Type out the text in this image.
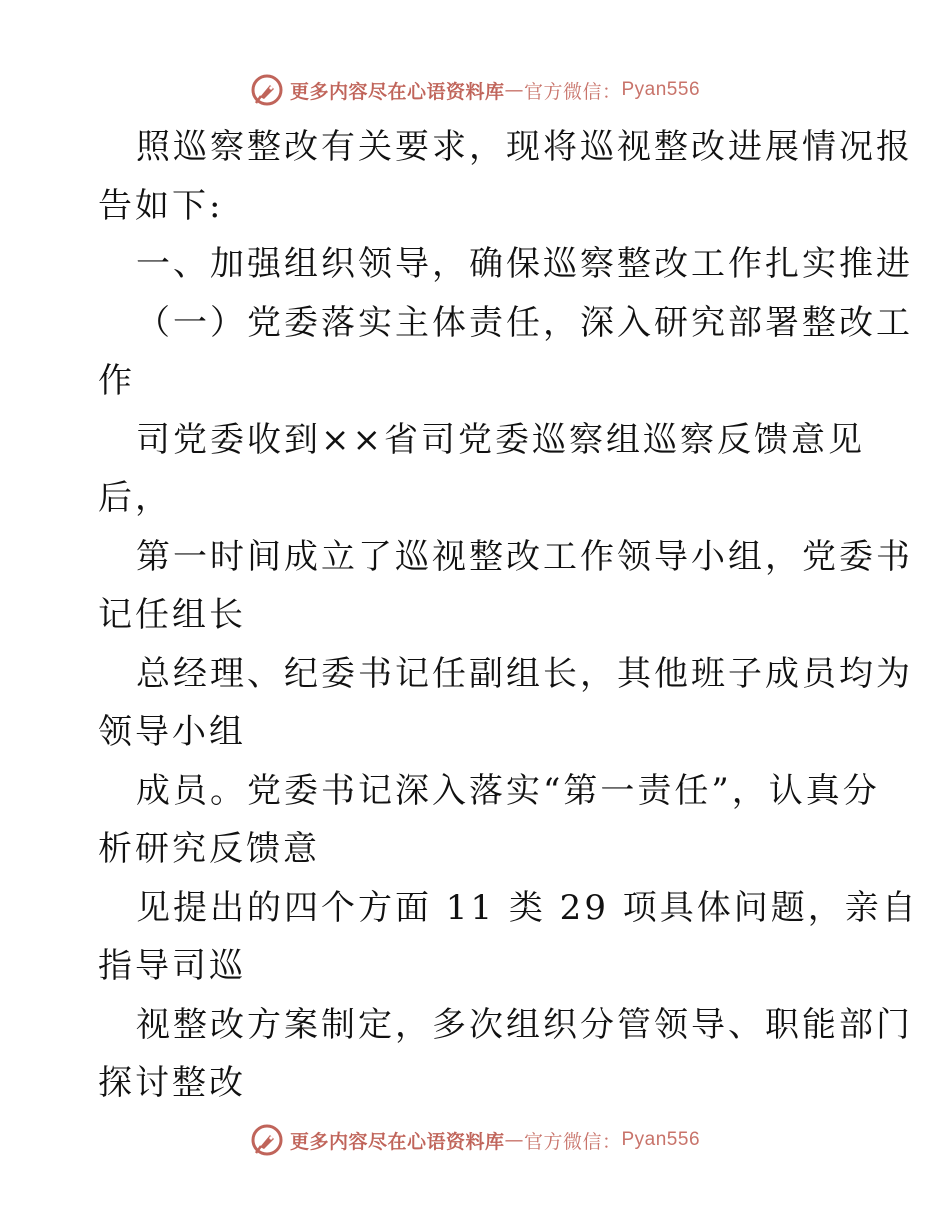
更多内容尽在心语资料库 — 官方微信： Pyan556
照巡察整改有关要求，现将巡视整改进展情况报
告如下:
一、加强组织领导，确保巡察整改工作扎实推进
（一）党委落实主体责任，深入研究部署整改工
作
司党委收到××省司党委巡察组巡察反馈意见
后，
第一时间成立了巡视整改工作领导小组，党委书
记任组长
总经理、纪委书记任副组长，其他班子成员均为
领导小组
成员。党委书记深入落实“第一责任”，认真分
析研究反馈意
见提出的四个方面 11 类 29 项具体问题，亲自
指导司巡
视整改方案制定，多次组织分管领导、职能部门
探讨整改
更多内容尽在心语资料库 — 官方微信： Pyan556
